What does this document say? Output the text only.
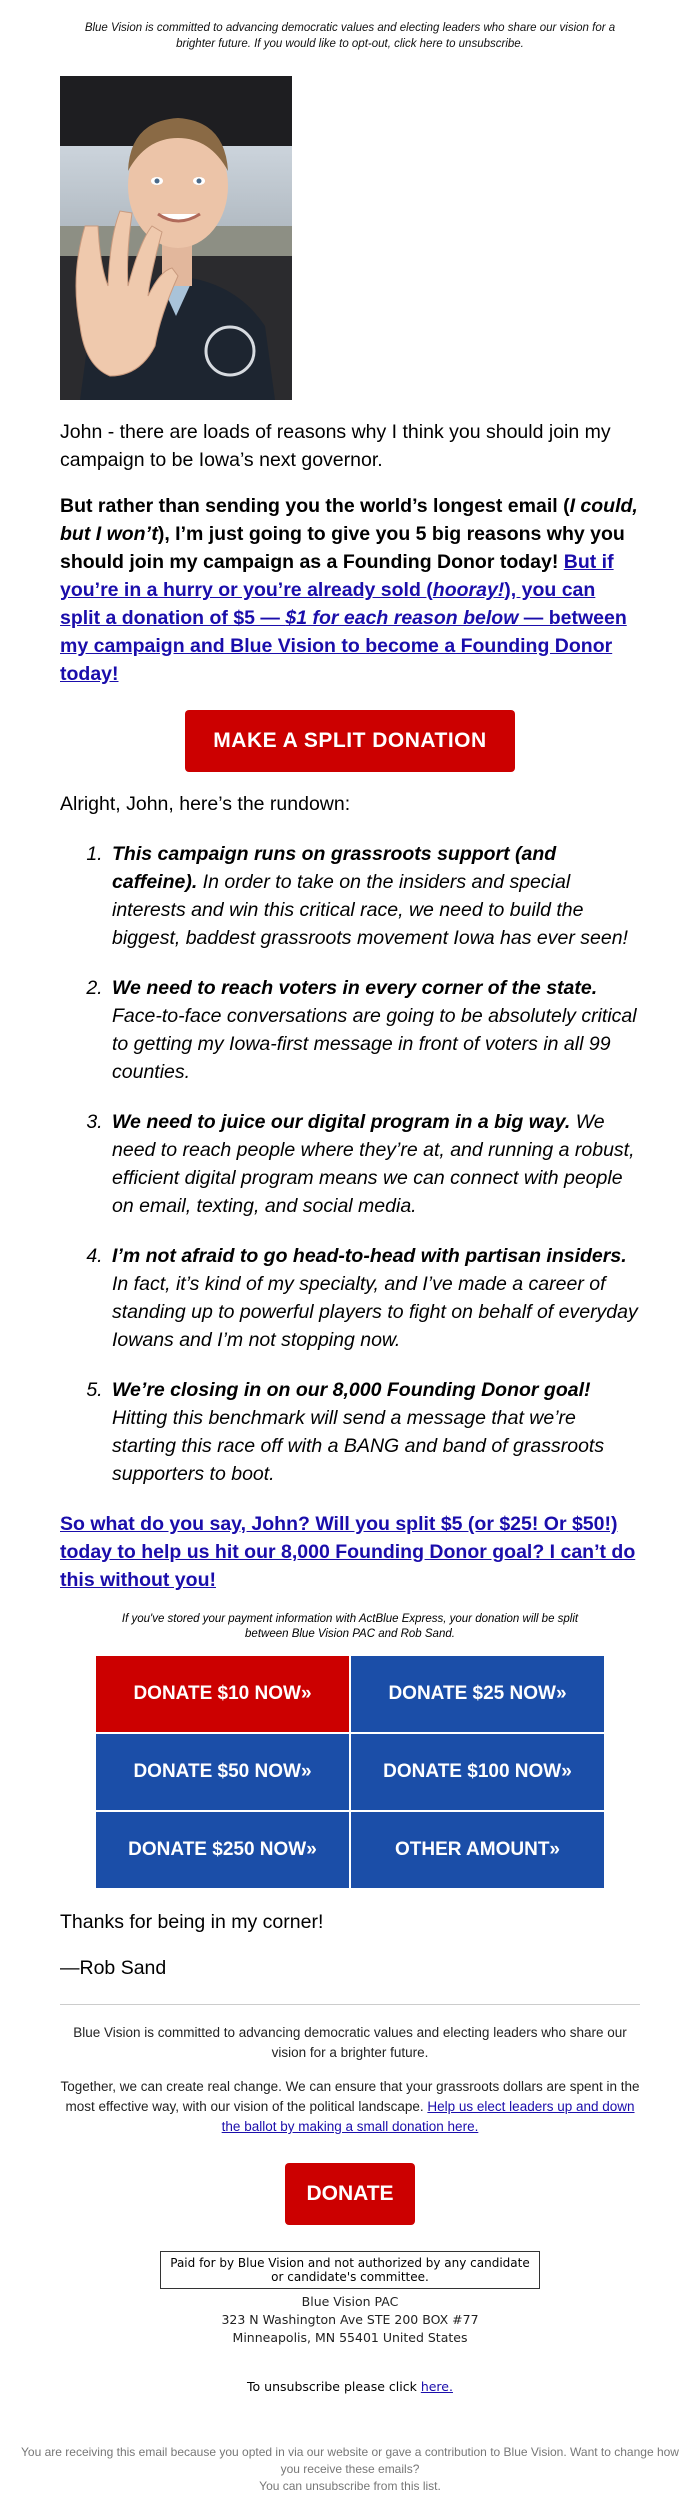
Blue Vision is committed to advancing democratic values and electing leaders who share our vision for a brighter future. If you would like to opt-out, click here to unsubscribe.

John - there are loads of reasons why I think you should join my campaign to be Iowa’s next governor.

But rather than sending you the world’s longest email (I could, but I won’t), I’m just going to give you 5 big reasons why you should join my campaign as a Founding Donor today! But if you’re in a hurry or you’re already sold (hooray!), you can split a donation of $5 — $1 for each reason below — between my campaign and Blue Vision to become a Founding Donor today!

MAKE A SPLIT DONATION

Alright, John, here’s the rundown:

1. This campaign runs on grassroots support (and caffeine). In order to take on the insiders and special interests and win this critical race, we need to build the biggest, baddest grassroots movement Iowa has ever seen!
2. We need to reach voters in every corner of the state. Face-to-face conversations are going to be absolutely critical to getting my Iowa-first message in front of voters in all 99 counties.
3. We need to juice our digital program in a big way. We need to reach people where they’re at, and running a robust, efficient digital program means we can connect with people on email, texting, and social media.
4. I’m not afraid to go head-to-head with partisan insiders. In fact, it’s kind of my specialty, and I’ve made a career of standing up to powerful players to fight on behalf of everyday Iowans and I’m not stopping now.
5. We’re closing in on our 8,000 Founding Donor goal! Hitting this benchmark will send a message that we’re starting this race off with a BANG and band of grassroots supporters to boot.

So what do you say, John? Will you split $5 (or $25! Or $50!) today to help us hit our 8,000 Founding Donor goal? I can’t do this without you!

If you've stored your payment information with ActBlue Express, your donation will be split between Blue Vision PAC and Rob Sand.

DONATE $10 NOW»	DONATE $25 NOW»
DONATE $50 NOW»	DONATE $100 NOW»
DONATE $250 NOW»	OTHER AMOUNT»

Thanks for being in my corner!

—Rob Sand

Blue Vision is committed to advancing democratic values and electing leaders who share our vision for a brighter future.

Together, we can create real change. We can ensure that your grassroots dollars are spent in the most effective way, with our vision of the political landscape. Help us elect leaders up and down the ballot by making a small donation here.

DONATE
Paid for by Blue Vision and not authorized by any candidate or candidate's committee.
Blue Vision PAC
323 N Washington Ave STE 200 BOX #77
Minneapolis, MN 55401 United States
To unsubscribe please click here.
You are receiving this email because you opted in via our website or gave a contribution to Blue Vision. Want to change how you receive these emails?
You can unsubscribe from this list.
